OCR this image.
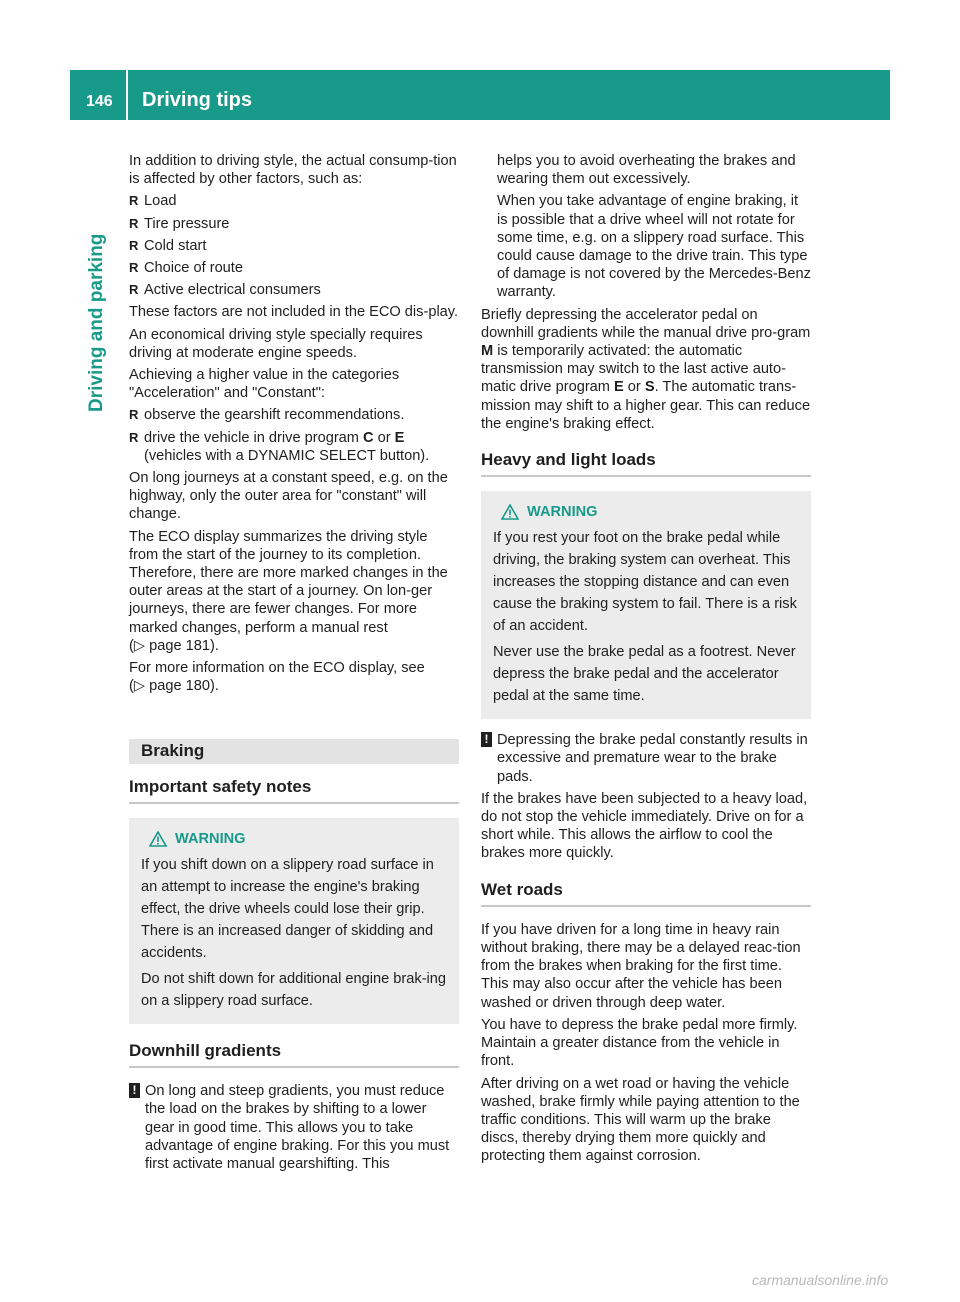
146 Driving tips
Driving and parking

In addition to driving style, the actual consump-tion is affected by other factors, such as:

R Load
R Tire pressure
R Cold start
R Choice of route
R Active electrical consumers

These factors are not included in the ECO dis-play.

An economical driving style specially requires driving at moderate engine speeds.

Achieving a higher value in the categories "Acceleration" and "Constant":

R observe the gearshift recommendations.
R drive the vehicle in drive program C or E
(vehicles with a DYNAMIC SELECT button).

On long journeys at a constant speed, e.g. on the highway, only the outer area for "constant" will change.

The ECO display summarizes the driving style from the start of the journey to its completion. Therefore, there are more marked changes in the outer areas at the start of a journey. On lon-ger journeys, there are fewer changes. For more marked changes, perform a manual rest
(▷ page 181).

For more information on the ECO display, see
(▷ page 180).

Braking
Important safety notes
WARNING

If you shift down on a slippery road surface in an attempt to increase the engine's braking effect, the drive wheels could lose their grip. There is an increased danger of skidding and accidents.

Do not shift down for additional engine brak-ing on a slippery road surface.

Downhill gradients
! On long and steep gradients, you must reduce the load on the brakes by shifting to a lower gear in good time. This allows you to take advantage of engine braking. For this you must first activate manual gearshifting. This

helps you to avoid overheating the brakes and wearing them out excessively.

When you take advantage of engine braking, it is possible that a drive wheel will not rotate for some time, e.g. on a slippery road surface. This could cause damage to the drive train. This type of damage is not covered by the Mercedes-Benz warranty.

Briefly depressing the accelerator pedal on downhill gradients while the manual drive pro-gram M is temporarily activated: the automatic transmission may switch to the last active auto-matic drive program E or S. The automatic trans-mission may shift to a higher gear. This can reduce the engine's braking effect.

Heavy and light loads
WARNING

If you rest your foot on the brake pedal while driving, the braking system can overheat. This increases the stopping distance and can even cause the braking system to fail. There is a risk of an accident.

Never use the brake pedal as a footrest. Never depress the brake pedal and the accelerator pedal at the same time.

! Depressing the brake pedal constantly results in excessive and premature wear to the brake pads.

If the brakes have been subjected to a heavy load, do not stop the vehicle immediately. Drive on for a short while. This allows the airflow to cool the brakes more quickly.

Wet roads

If you have driven for a long time in heavy rain without braking, there may be a delayed reac-tion from the brakes when braking for the first time. This may also occur after the vehicle has been washed or driven through deep water.

You have to depress the brake pedal more firmly. Maintain a greater distance from the vehicle in front.

After driving on a wet road or having the vehicle washed, brake firmly while paying attention to the traffic conditions. This will warm up the brake discs, thereby drying them more quickly and protecting them against corrosion.

carmanualsonline.info
